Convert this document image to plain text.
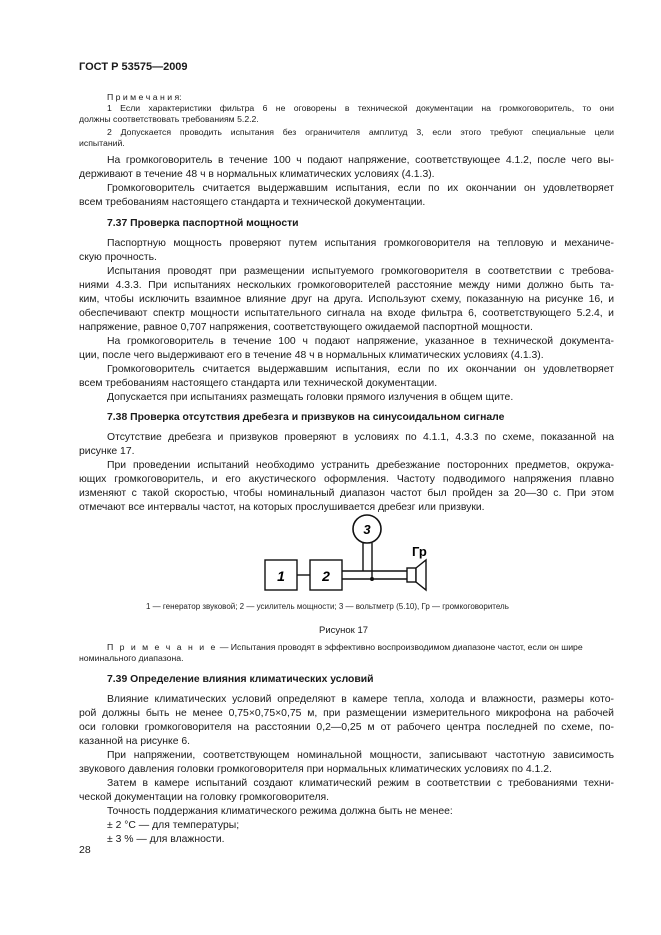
ГОСТ Р 53575—2009
П р и м е ч а н и я:
1 Если характеристики фильтра 6 не оговорены в технической документации на громкоговоритель, то они
должны соответствовать требованиям 5.2.2.
2 Допускается проводить испытания без ограничителя амплитуд 3, если этого требуют специальные цели
испытаний.
На громкоговоритель в течение 100 ч подают напряжение, соответствующее 4.1.2, после чего вы-
держивают в течение 48 ч в нормальных климатических условиях (4.1.3).
Громкоговоритель считается выдержавшим испытания, если по их окончании он удовлетворяет
всем требованиям настоящего стандарта и технической документации.
7.37 Проверка паспортной мощности
Паспортную мощность проверяют путем испытания громкоговорителя на тепловую и механиче-
скую прочность.
Испытания проводят при размещении испытуемого громкоговорителя в соответствии с требова-
ниями 4.3.3. При испытаниях нескольких громкоговорителей расстояние между ними должно быть та-
ким, чтобы исключить взаимное влияние друг на друга. Используют схему, показанную на рисунке 16, и
обеспечивают спектр мощности испытательного сигнала на входе фильтра 6, соответствующего 5.2.4, и
напряжение, равное 0,707 напряжения, соответствующего ожидаемой паспортной мощности.
На громкоговоритель в течение 100 ч подают напряжение, указанное в технической документа-
ции, после чего выдерживают его в течение 48 ч в нормальных климатических условиях (4.1.3).
Громкоговоритель считается выдержавшим испытания, если по их окончании он удовлетворяет
всем требованиям настоящего стандарта или технической документации.
Допускается при испытаниях размещать головки прямого излучения в общем щите.
7.38 Проверка отсутствия дребезга и призвуков на синусоидальном сигнале
Отсутствие дребезга и призвуков проверяют в условиях по 4.1.1, 4.3.3 по схеме, показанной на
рисунке 17.
При проведении испытаний необходимо устранить дребезжание посторонних предметов, окружа-
ющих громкоговоритель, и его акустического оформления. Частоту подводимого напряжения плавно
изменяют с такой скоростью, чтобы номинальный диапазон частот был пройден за 20—30 с. При этом
отмечают все интервалы частот, на которых прослушивается дребезг или призвуки.
1	2
3
Гр
1 — генератор звуковой; 2 — усилитель мощности; 3 — вольтметр (5.10), Гр — громкоговоритель
Рисунок 17
П р и м е ч а н и е — Испытания проводят в эффективно воспроизводимом диапазоне частот, если он шире
номинального диапазона.
7.39 Определение влияния климатических условий
Влияние климатических условий определяют в камере тепла, холода и влажности, размеры кото-
рой должны быть не менее 0,75×0,75×0,75 м, при размещении измерительного микрофона на рабочей
оси головки громкоговорителя на расстоянии 0,2—0,25 м от рабочего центра последней по схеме, по-
казанной на рисунке 6.
При напряжении, соответствующем номинальной мощности, записывают частотную зависимость
звукового давления головки громкоговорителя при нормальных климатических условиях по 4.1.2.
Затем в камере испытаний создают климатический режим в соответствии с требованиями техни-
ческой документации на головку громкоговорителя.
Точность поддержания климатического режима должна быть не менее:
± 2 °C — для температуры;
± 3 % — для влажности.
28
